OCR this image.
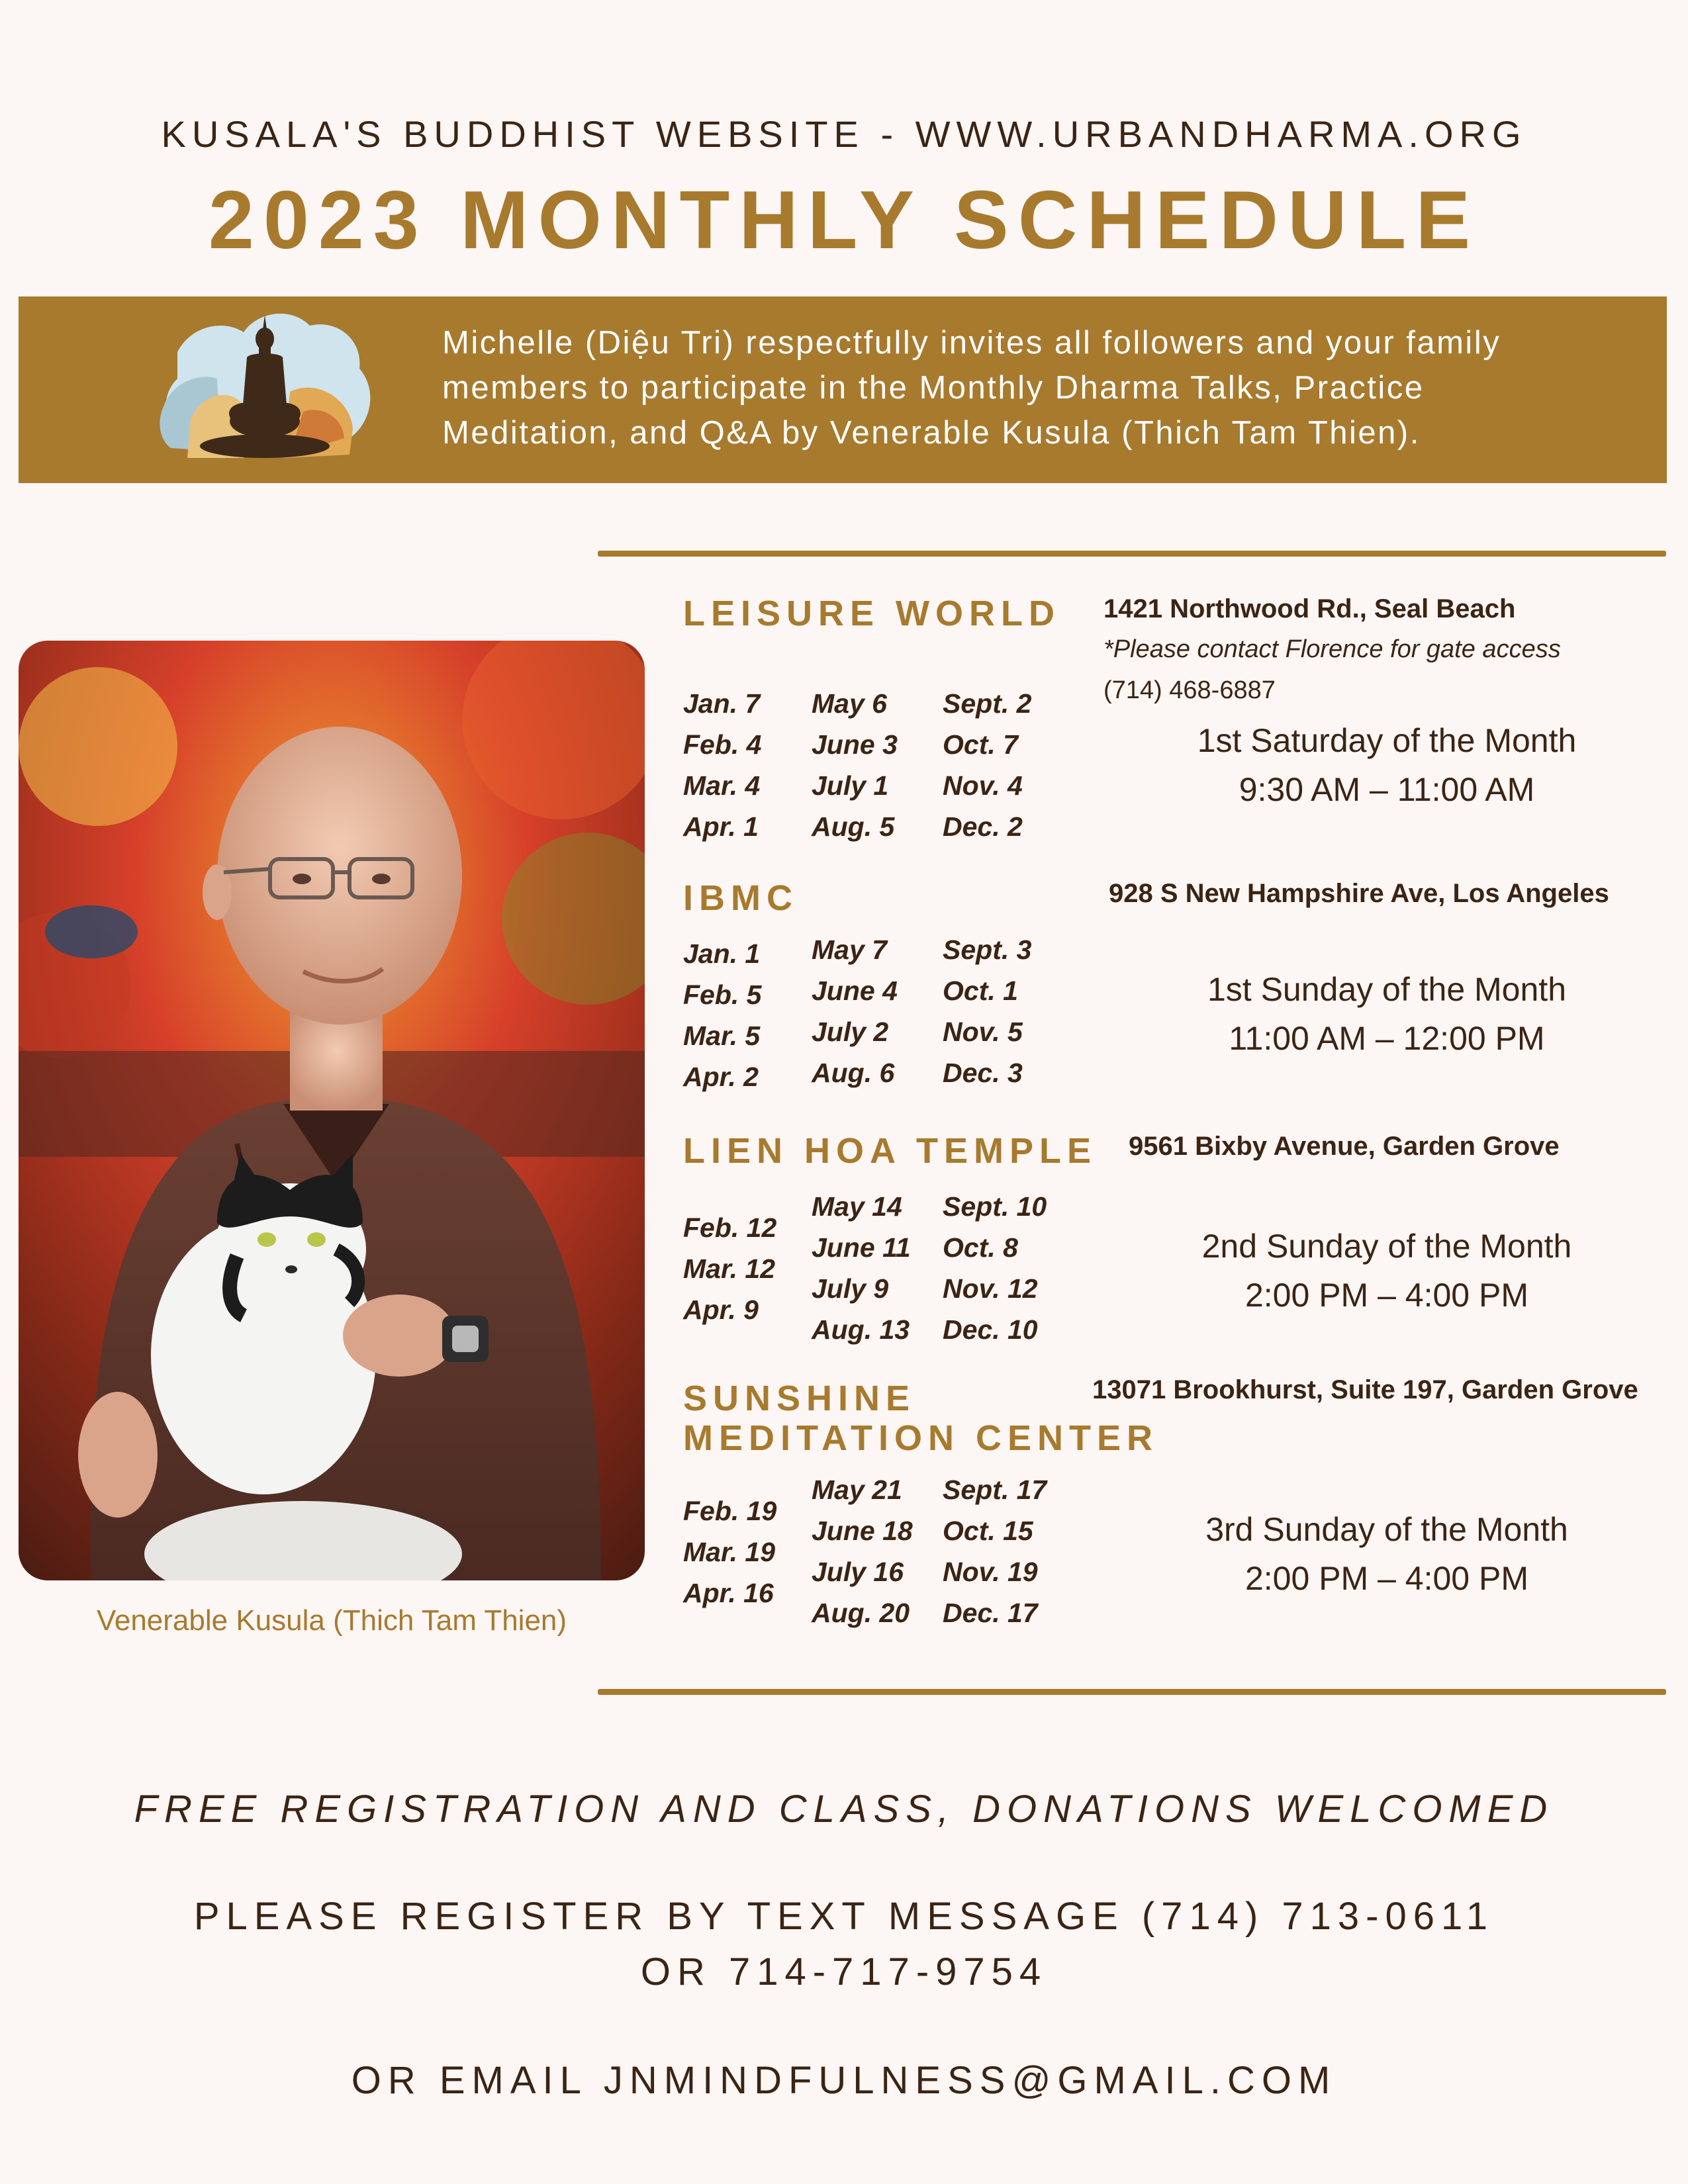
KUSALA'S BUDDHIST WEBSITE - WWW.URBANDHARMA.ORG
2023 MONTHLY SCHEDULE
Michelle (Diệu Tri) respectfully invites all followers and your family
members to participate in the Monthly Dharma Talks, Practice
Meditation, and Q&A by Venerable Kusula (Thich Tam Thien).
Venerable Kusula (Thich Tam Thien)
LEISURE WORLD 1421 Northwood Rd., Seal Beach
*Please contact Florence for gate access
(714) 468-6887
Jan. 7
Feb. 4
Mar. 4
Apr. 1
May 6
June 3
July 1
Aug. 5
Sept. 2
Oct. 7
Nov. 4
Dec. 2
1st Saturday of the Month
9:30 AM – 11:00 AM
IBMC	928 S New Hampshire Ave, Los Angeles
Jan. 1
Feb. 5
Mar. 5
Apr. 2
May 7
June 4
July 2
Aug. 6
Sept. 3
Oct. 1
Nov. 5
Dec. 3
1st Sunday of the Month
11:00 AM – 12:00 PM
LIEN HOA TEMPLE 9561 Bixby Avenue, Garden Grove
Feb. 12
Mar. 12
Apr. 9
May 14
June 11
July 9
Aug. 13
Sept. 10
Oct. 8
Nov. 12
Dec. 10
2nd Sunday of the Month
2:00 PM – 4:00 PM
SUNSHINE
MEDITATION CENTER
13071 Brookhurst, Suite 197, Garden Grove
Feb. 19
Mar. 19
Apr. 16
May 21
June 18
July 16
Aug. 20
Sept. 17
Oct. 15
Nov. 19
Dec. 17
3rd Sunday of the Month
2:00 PM – 4:00 PM
FREE REGISTRATION AND CLASS, DONATIONS WELCOMED
PLEASE REGISTER BY TEXT MESSAGE (714) 713-0611
OR 714-717-9754
OR EMAIL JNMINDFULNESS@GMAIL.COM
